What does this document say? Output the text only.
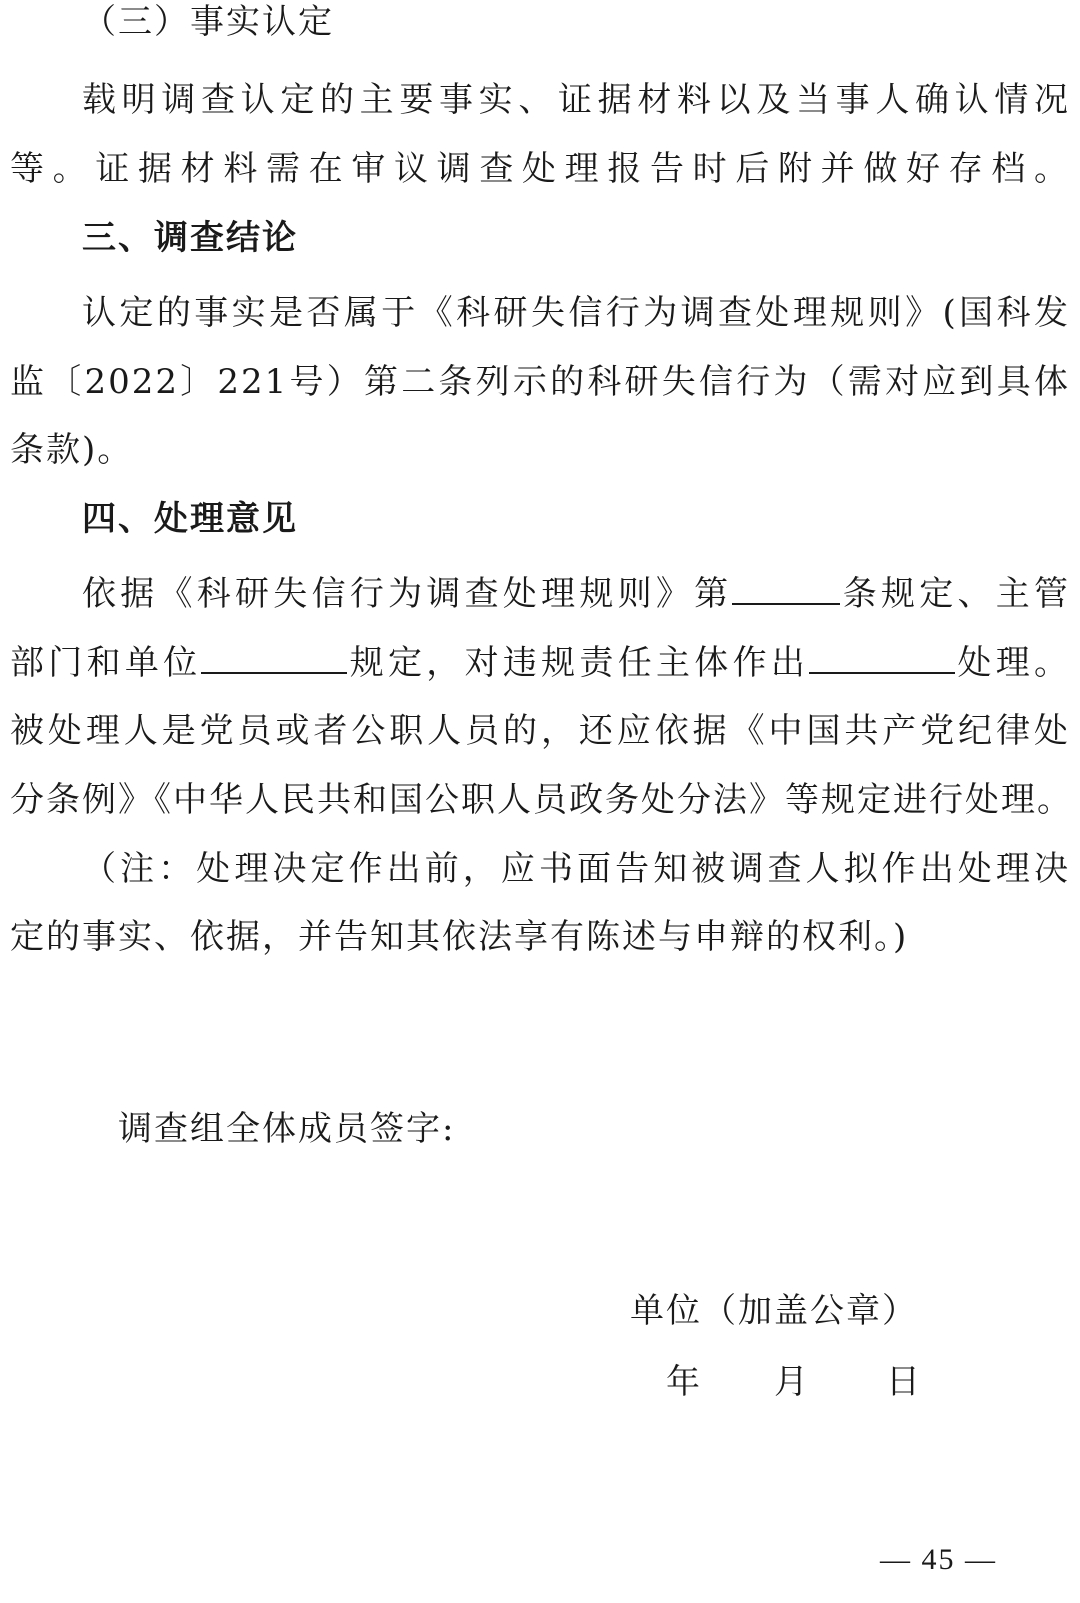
（三）事实认定
载明调查认定的主要事实、证据材料以及当事人确认情况
等。证据材料需在审议调查处理报告时后附并做好存档。
三、调查结论
认定的事实是否属于《科研失信行为调查处理规则》(国科发
监〔2022〕221号）第二条列示的科研失信行为（需对应到具体
条款)。
四、处理意见
依据《科研失信行为调查处理规则》第	条规定、主管
部门和单位	规定，对违规责任主体作出	处理。
被处理人是党员或者公职人员的，还应依据《中国共产党纪律处
分条例》《中华人民共和国公职人员政务处分法》等规定进行处理。
（注：处理决定作出前，应书面告知被调查人拟作出处理决
定的事实、依据，并告知其依法享有陈述与申辩的权利。)
调查组全体成员签字:
单位（加盖公章）
年	月	日
— 45 —
